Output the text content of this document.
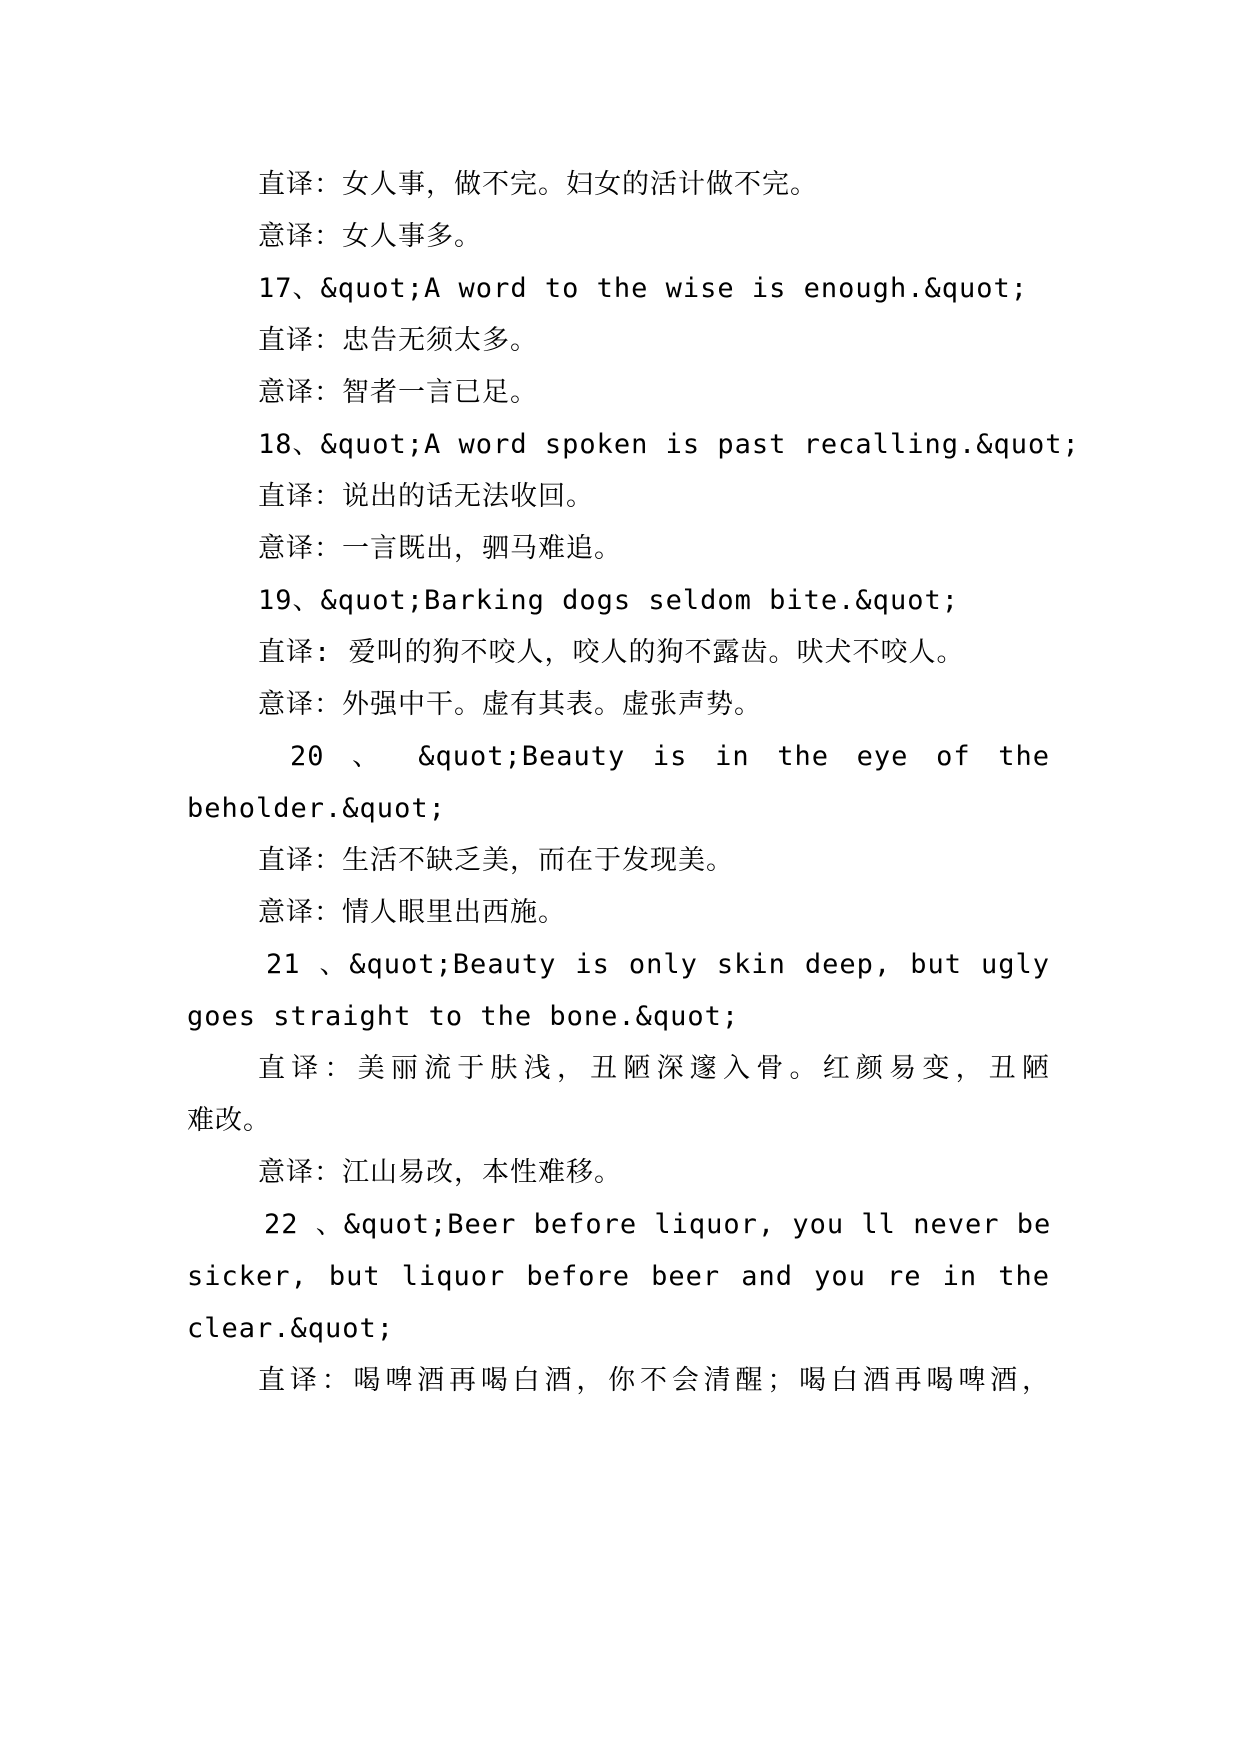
直译：女人事，做不完。妇女的活计做不完。
意译：女人事多。
17、&quot;A word to the wise is enough.&quot;
直译：忠告无须太多。
意译：智者一言已足。
18、&quot;A word spoken is past recalling.&quot;
直译：说出的话无法收回。
意译：一言既出，驷马难追。
19、&quot;Barking dogs seldom bite.&quot;
直译: 爱叫的狗不咬人，咬人的狗不露齿。吠犬不咬人。
意译：外强中干。虚有其表。虚张声势。
20 、 &quot;Beauty is in the eye of the
beholder.&quot;
直译：生活不缺乏美，而在于发现美。
意译：情人眼里出西施。
21 、&quot;Beauty is only skin deep, but ugly
goes straight to the bone.&quot;
直译：美丽流于肤浅，丑陋深邃入骨。红颜易变，丑陋
难改。
意译：江山易改，本性难移。
22 、&quot;Beer before liquor, you ll never be
sicker, but liquor before beer and you re in the
clear.&quot;
直译：喝啤酒再喝白酒，你不会清醒；喝白酒再喝啤酒，
